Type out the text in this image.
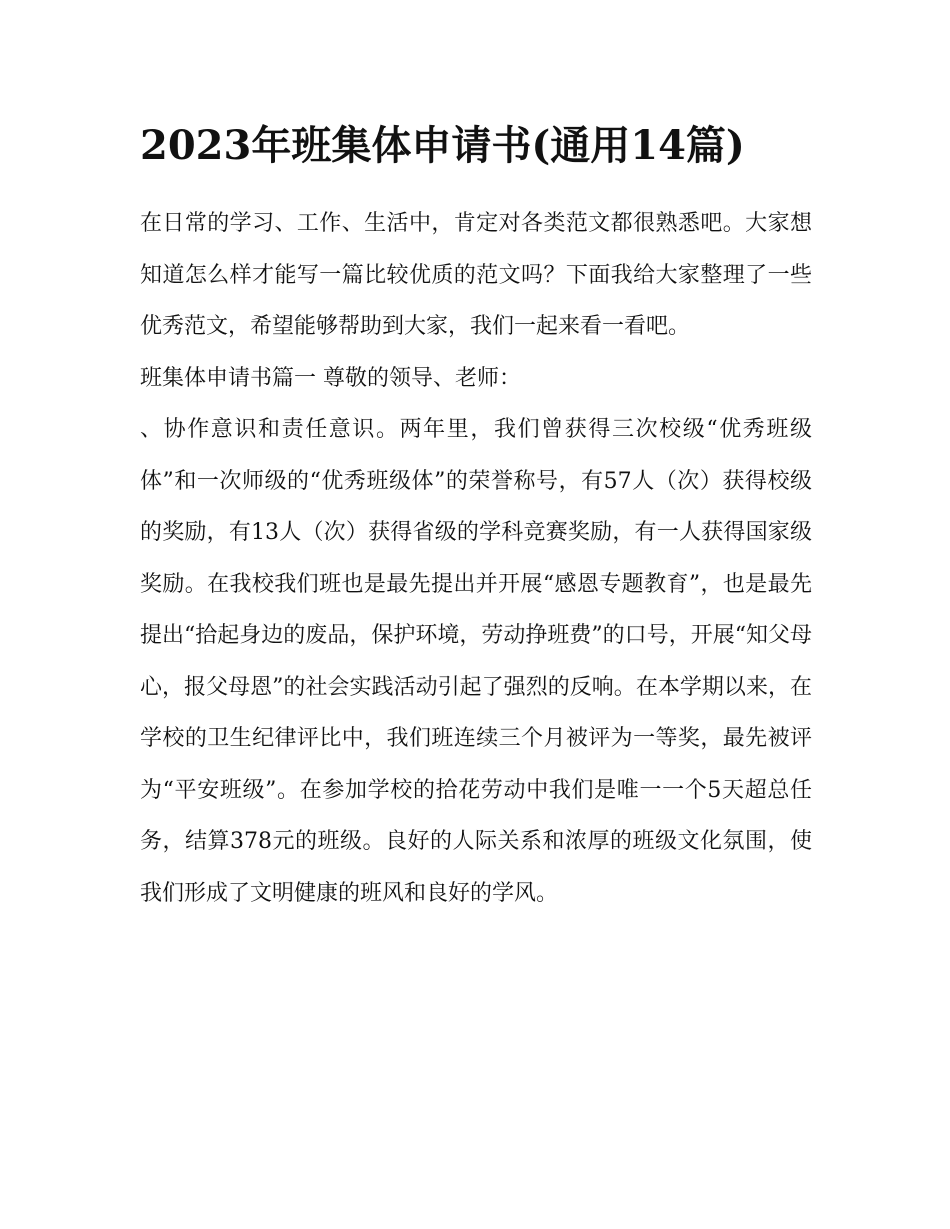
2023年班集体申请书(通用14篇)

在日常的学习、工作、生活中，肯定对各类范文都很熟悉吧。大家想知道怎么样才能写一篇比较优质的范文吗？下面我给大家整理了一些优秀范文，希望能够帮助到大家，我们一起来看一看吧。

班集体申请书篇一 尊敬的领导、老师：

、协作意识和责任意识。两年里，我们曾获得三次校级“优秀班级体”和一次师级的“优秀班级体”的荣誉称号，有57人（次）获得校级的奖励，有13人（次）获得省级的学科竞赛奖励，有一人获得国家级奖励。在我校我们班也是最先提出并开展“感恩专题教育”，也是最先提出“拾起身边的废品，保护环境，劳动挣班费”的口号，开展“知父母心，报父母恩”的社会实践活动引起了强烈的反响。在本学期以来，在学校的卫生纪律评比中，我们班连续三个月被评为一等奖，最先被评为“平安班级”。在参加学校的拾花劳动中我们是唯一一个5天超总任务，结算378元的班级。良好的人际关系和浓厚的班级文化氛围，使我们形成了文明健康的班风和良好的学风。
